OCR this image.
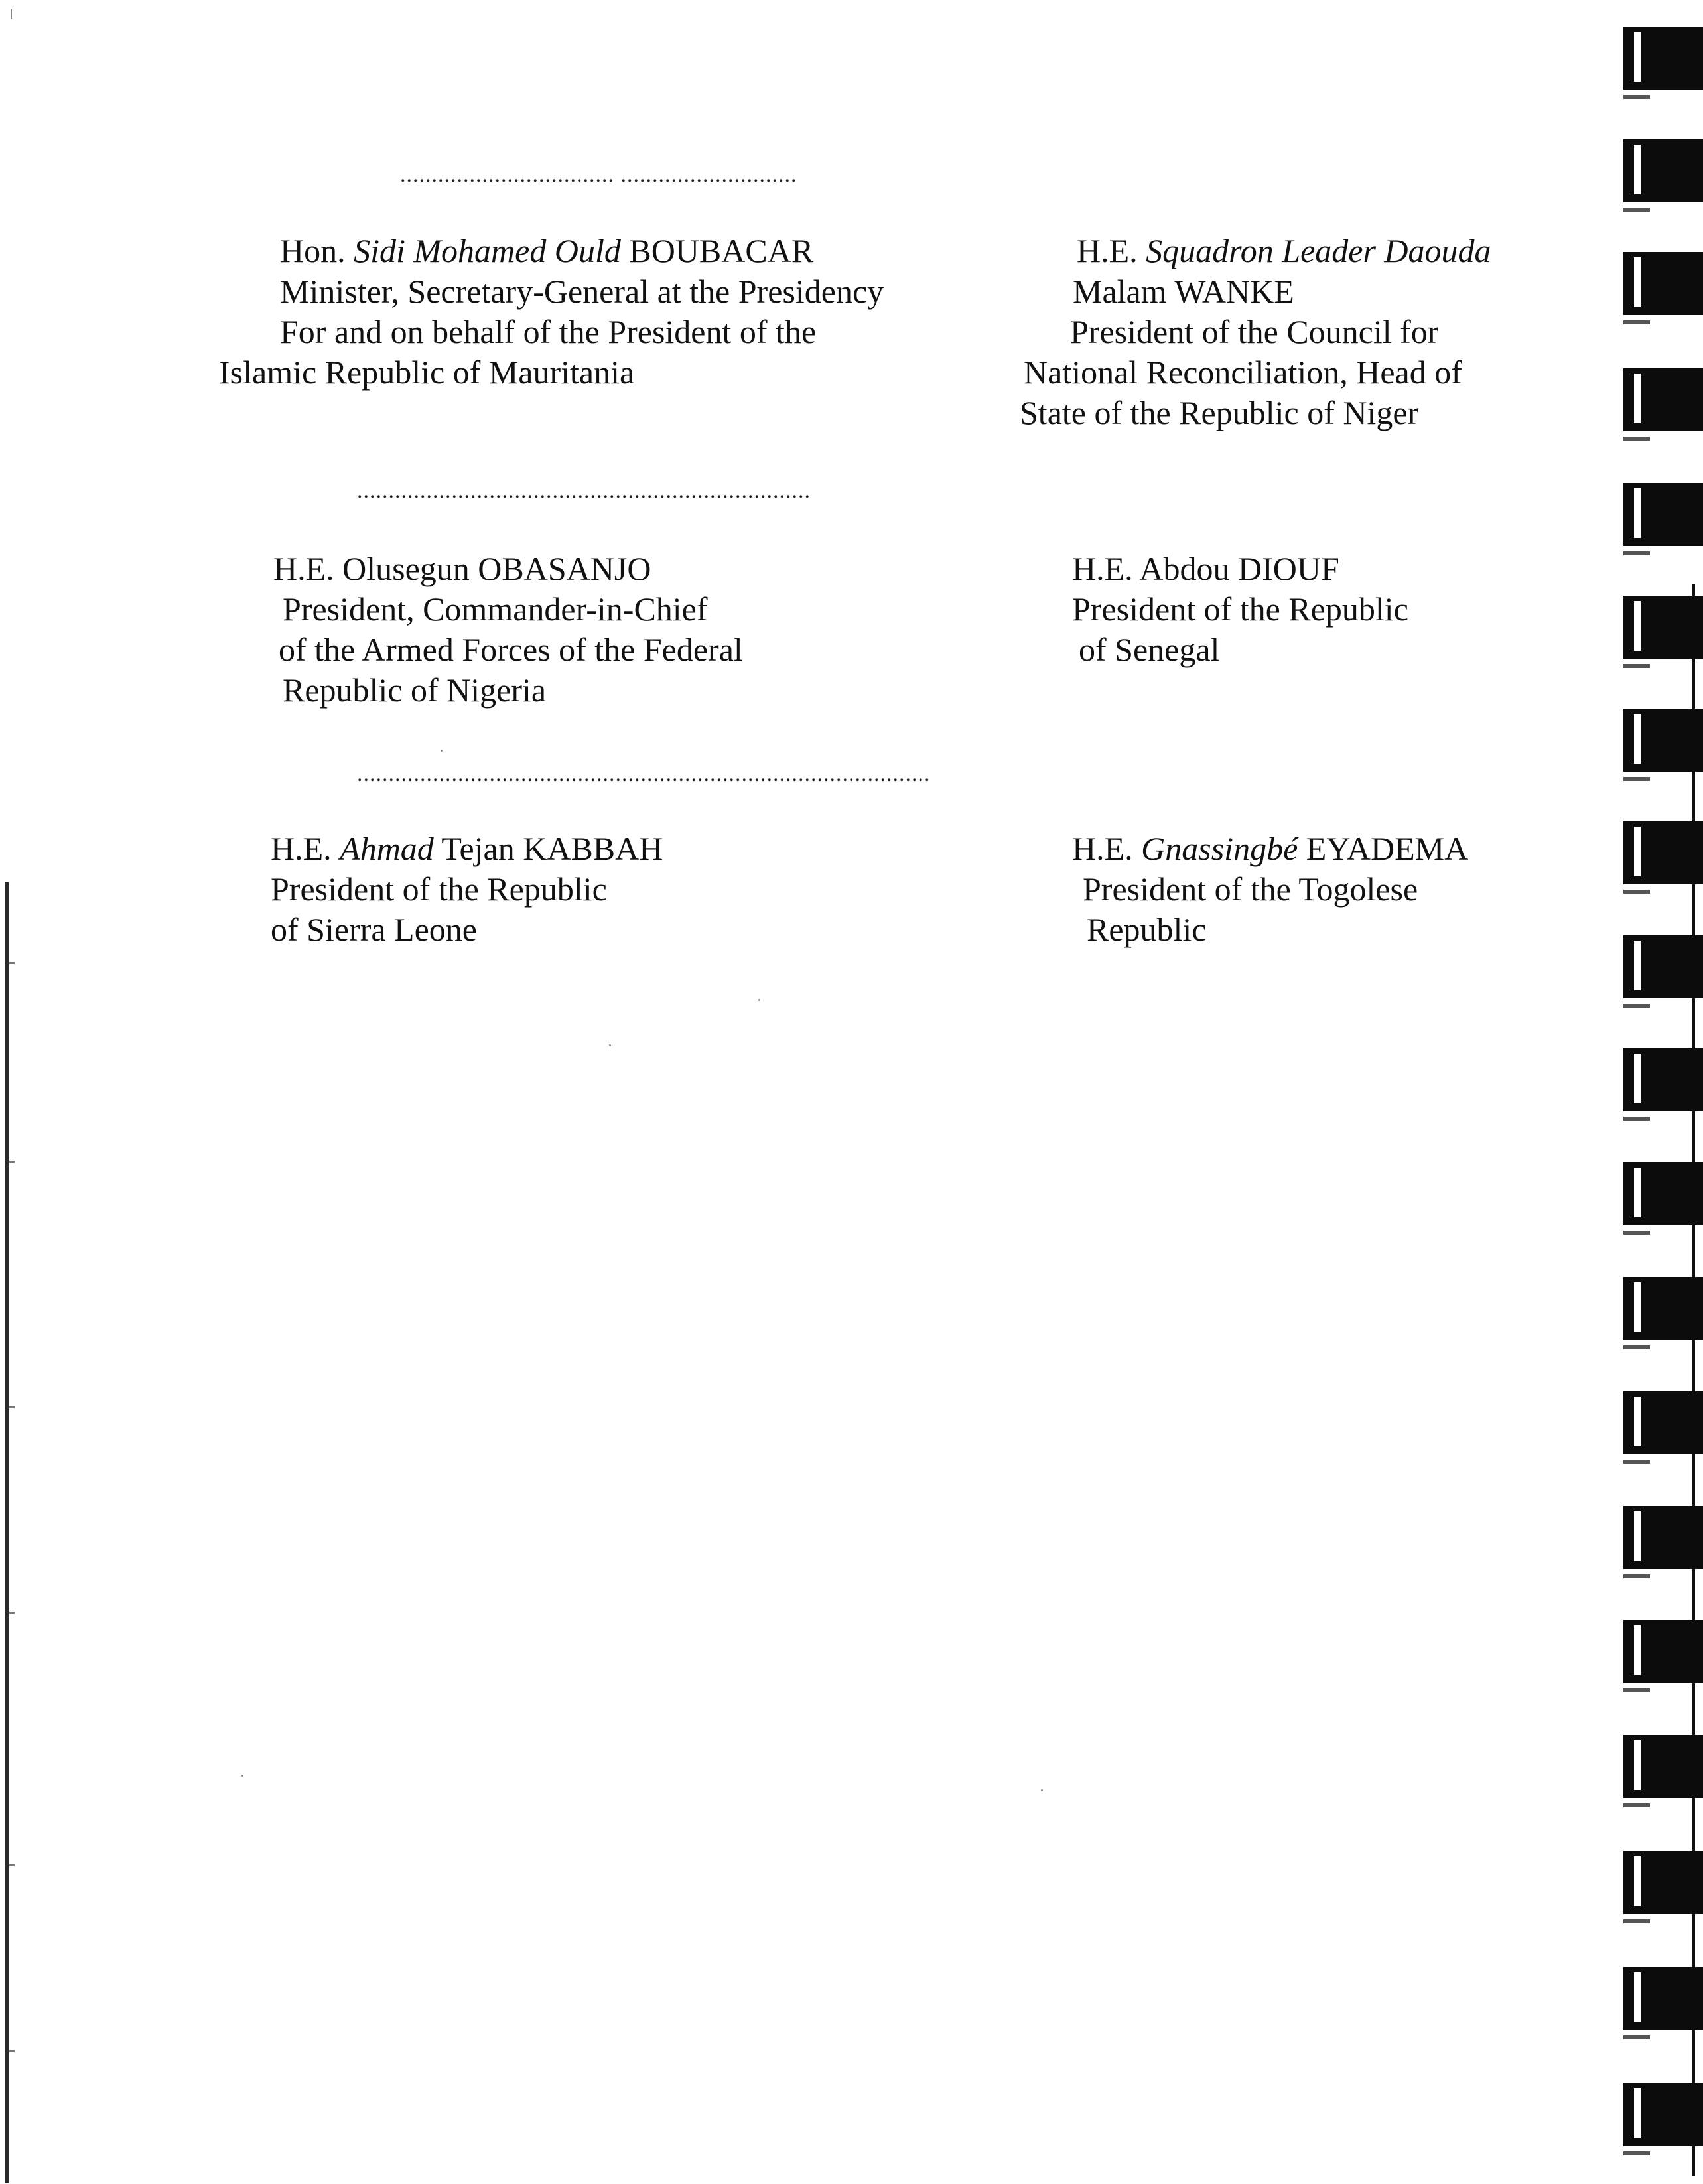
.................................. ............................
Hon. Sidi Mohamed Ould BOUBACAR
Minister, Secretary-General at the Presidency
For and on behalf of the President of the
Islamic Republic of Mauritania
H.E. Squadron Leader Daouda
Malam WANKE
President of the Council for
National Reconciliation, Head of
State of the Republic of Niger
........................................................................
H.E. Olusegun OBASANJO
President, Commander-in-Chief
of the Armed Forces of the Federal
Republic of Nigeria
H.E. Abdou DIOUF
President of the Republic
of Senegal
...........................................................................................
H.E. Ahmad Tejan KABBAH
President of the Republic
of Sierra Leone
H.E. Gnassingbé EYADEMA
President of the Togolese
Republic
